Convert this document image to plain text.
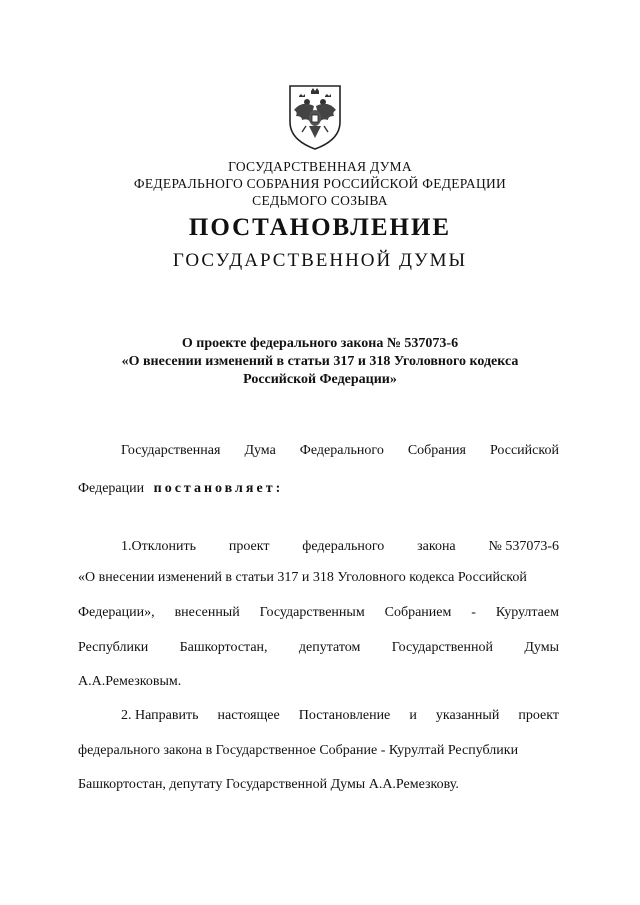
ГОСУДАРСТВЕННАЯ ДУМА
ФЕДЕРАЛЬНОГО СОБРАНИЯ РОССИЙСКОЙ ФЕДЕРАЦИИ
СЕДЬМОГО СОЗЫВА
ПОСТАНОВЛЕНИЕ
ГОСУДАРСТВЕННОЙ ДУМЫ
О проекте федерального закона № 537073-6
«О внесении изменений в статьи 317 и 318 Уголовного кодекса
Российской Федерации»
Государственная Дума Федерального Собрания Российской
Федерации постановляет:
1.Отклонить проект федерального закона № 537073-6
«О внесении изменений в статьи 317 и 318 Уголовного кодекса Российской
Федерации», внесенный Государственным Собранием - Курултаем
Республики Башкортостан, депутатом Государственной Думы
А.А.Ремезковым.
2. Направить настоящее Постановление и указанный проект
федерального закона в Государственное Собрание - Курултай Республики
Башкортостан, депутату Государственной Думы А.А.Ремезкову.
